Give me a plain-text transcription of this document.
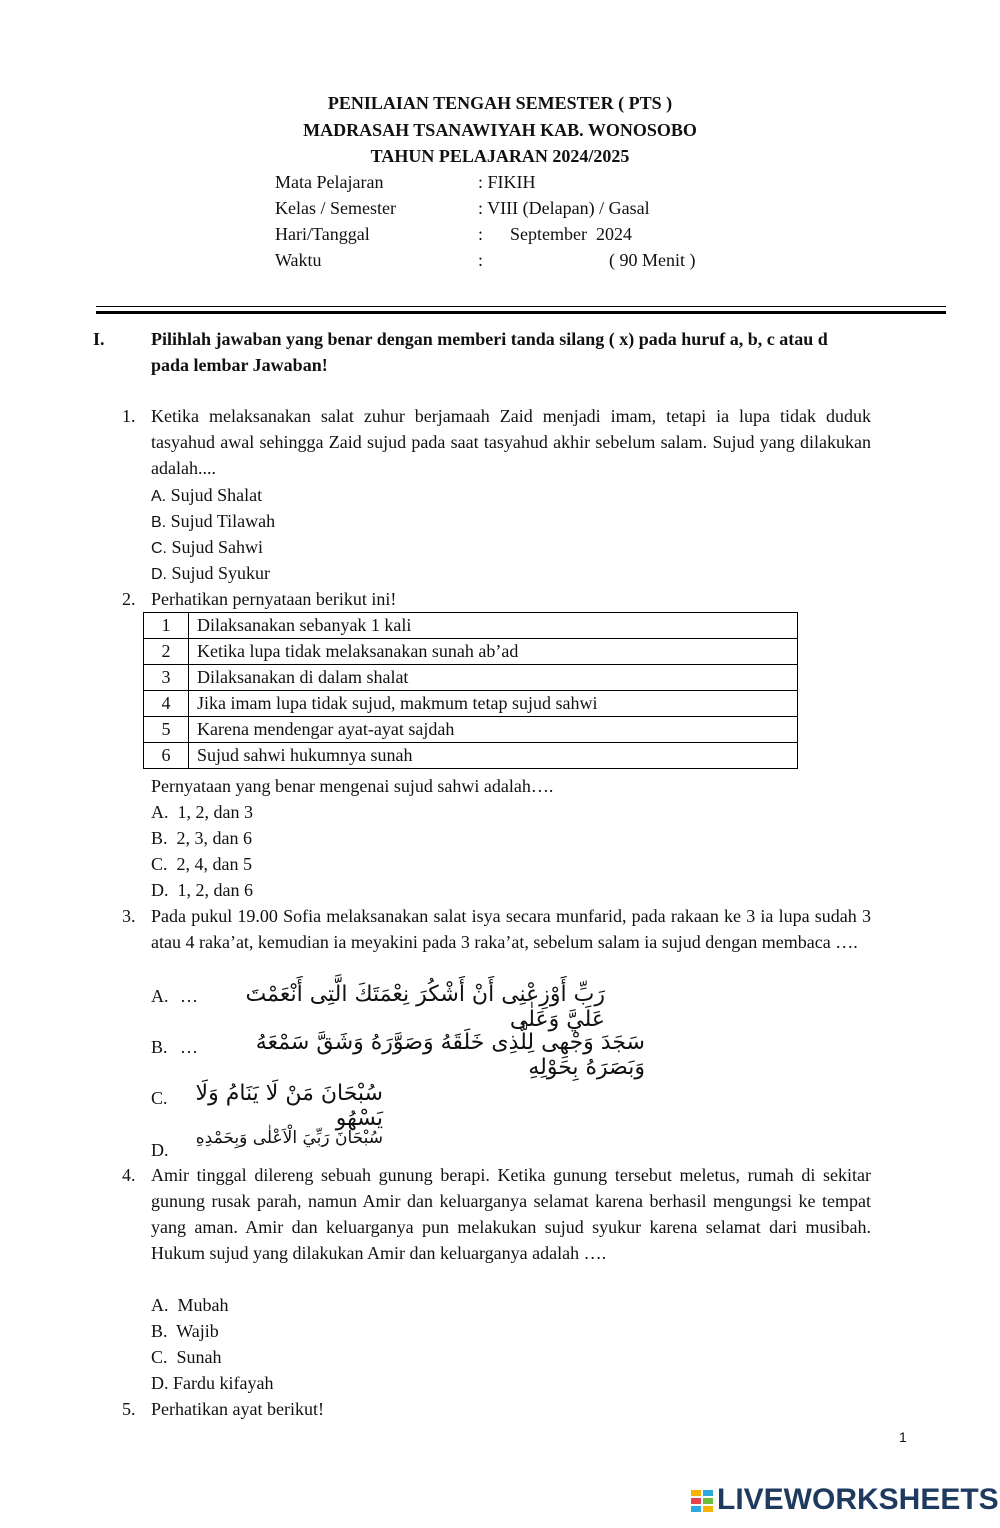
PENILAIAN TENGAH SEMESTER ( PTS )
MADRASAH TSANAWIYAH KAB. WONOSOBO
TAHUN PELAJARAN 2024/2025
Mata Pelajaran	: FIKIH
Kelas / Semester	: VIII (Delapan) / Gasal
Hari/Tanggal	:      September  2024
Waktu	:	( 90 Menit )
I.	Pilihlah jawaban yang benar dengan memberi tanda silang ( x) pada huruf a, b, c atau d
pada lembar Jawaban!
1. Ketika melaksanakan salat zuhur berjamaah Zaid menjadi imam, tetapi ia lupa tidak duduk tasyahud awal sehingga Zaid sujud pada saat tasyahud akhir sebelum salam. Sujud yang dilakukan adalah....
A. Sujud Shalat
B. Sujud Tilawah
C. Sujud Sahwi
D. Sujud Syukur
2. Perhatikan pernyataan berikut ini!
1	Dilaksanakan sebanyak 1 kali
2	Ketika lupa tidak melaksanakan sunah ab’ad
3	Dilaksanakan di dalam shalat
4	Jika imam lupa tidak sujud, makmum tetap sujud sahwi
5	Karena mendengar ayat-ayat sajdah
6	Sujud sahwi hukumnya sunah
Pernyataan yang benar mengenai sujud sahwi adalah….
A. 1, 2, dan 3
B. 2, 3, dan 6
C. 2, 4, dan 5
D. 1, 2, dan 6
3. Pada pukul 19.00 Sofia melaksanakan salat isya secara munfarid, pada rakaan ke 3 ia lupa sudah 3 atau 4 raka’at, kemudian ia meyakini pada 3 raka’at, sebelum salam ia sujud dengan membaca ….
A. …	رَبِّ أَوْزِعْنِى أَنْ أَشْكُرَ نِعْمَتَكَ الَّتِى أَنْعَمْتَ عَلَيَّ وَعَلٰى
B. …	سَجَدَ وَجْهِى لِلَّذِى خَلَقَهُ وَصَوَّرَهُ وَشَقَّ سَمْعَهُ وَبَصَرَهُ بِحَوْلِهِ
C.	سُبْحَانَ مَنْ لَا يَنَامُ وَلَا يَسْهُو
D.
سُبْحَانَ رَبِّيَ الْاَعْلٰى وَبِحَمْدِهِ
4. Amir tinggal dilereng sebuah gunung berapi. Ketika gunung tersebut meletus, rumah di sekitar gunung rusak parah, namun Amir dan keluarganya selamat karena berhasil mengungsi ke tempat yang aman. Amir dan keluarganya pun melakukan sujud syukur karena selamat dari musibah. Hukum sujud yang dilakukan Amir dan keluarganya adalah ….
A. Mubah
B. Wajib
C. Sunah
D. Fardu kifayah
5. Perhatikan ayat berikut!
1
LIVEWORKSHEETS
